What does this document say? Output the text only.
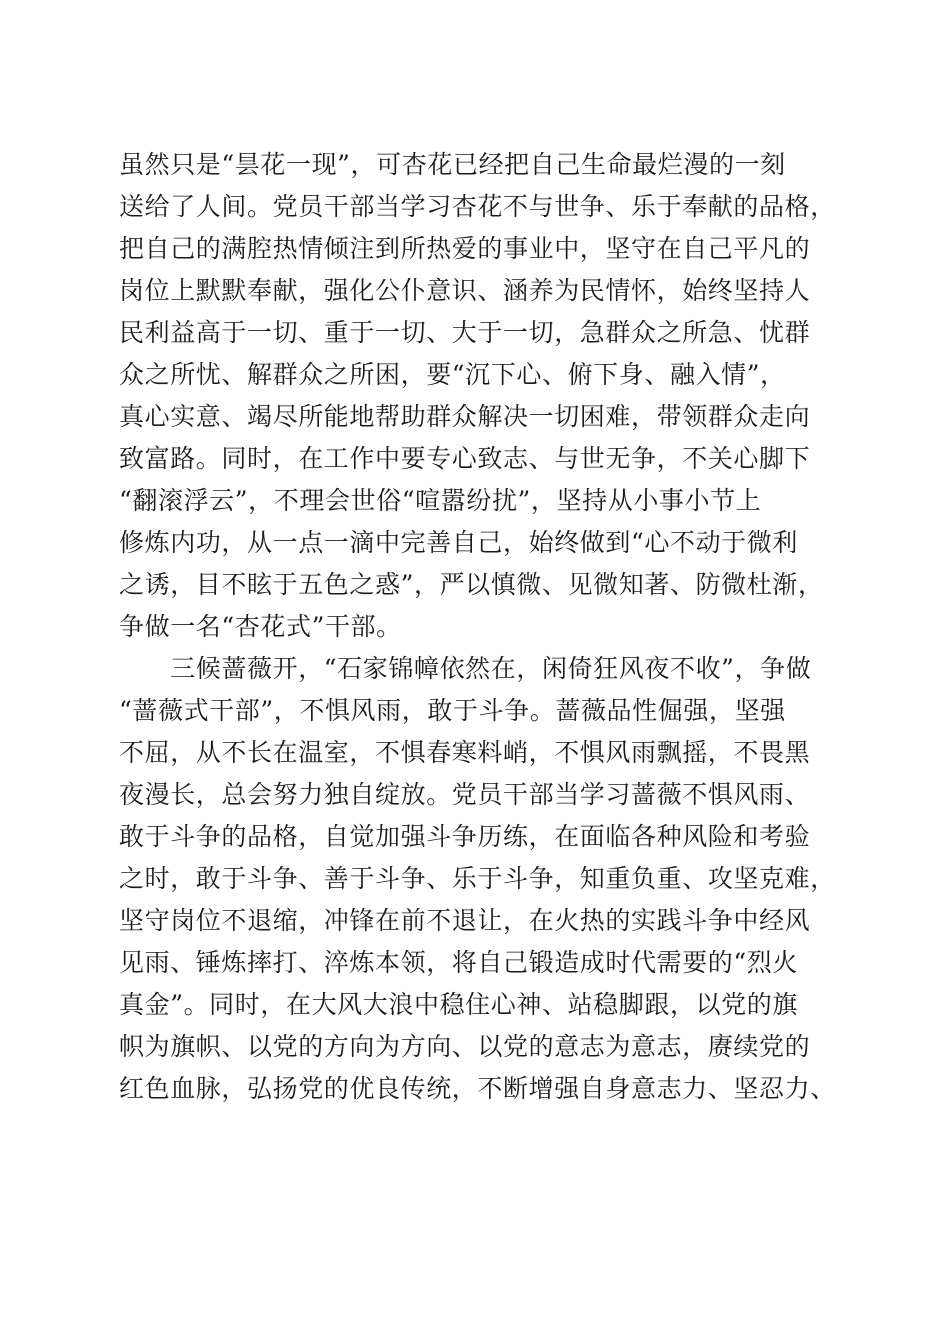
虽然只是“昙花一现”，可杏花已经把自己生命最烂漫的一刻
送给了人间。党员干部当学习杏花不与世争、乐于奉献的品格，
把自己的满腔热情倾注到所热爱的事业中，坚守在自己平凡的
岗位上默默奉献，强化公仆意识、涵养为民情怀，始终坚持人
民利益高于一切、重于一切、大于一切，急群众之所急、忧群
众之所忧、解群众之所困，要“沉下心、俯下身、融入情”，
真心实意、竭尽所能地帮助群众解决一切困难，带领群众走向
致富路。同时，在工作中要专心致志、与世无争，不关心脚下
“翻滚浮云”，不理会世俗“喧嚣纷扰”，坚持从小事小节上
修炼内功，从一点一滴中完善自己，始终做到“心不动于微利
之诱，目不眩于五色之惑”，严以慎微、见微知著、防微杜渐，
争做一名“杏花式”干部。
　　三候蔷薇开，“石家锦幛依然在，闲倚狂风夜不收”，争做
“蔷薇式干部”，不惧风雨，敢于斗争。蔷薇品性倔强，坚强
不屈，从不长在温室，不惧春寒料峭，不惧风雨飘摇，不畏黑
夜漫长，总会努力独自绽放。党员干部当学习蔷薇不惧风雨、
敢于斗争的品格，自觉加强斗争历练，在面临各种风险和考验
之时，敢于斗争、善于斗争、乐于斗争，知重负重、攻坚克难，
坚守岗位不退缩，冲锋在前不退让，在火热的实践斗争中经风
见雨、锤炼摔打、淬炼本领，将自己锻造成时代需要的“烈火
真金”。同时，在大风大浪中稳住心神、站稳脚跟，以党的旗
帜为旗帜、以党的方向为方向、以党的意志为意志，赓续党的
红色血脉，弘扬党的优良传统，不断增强自身意志力、坚忍力、
